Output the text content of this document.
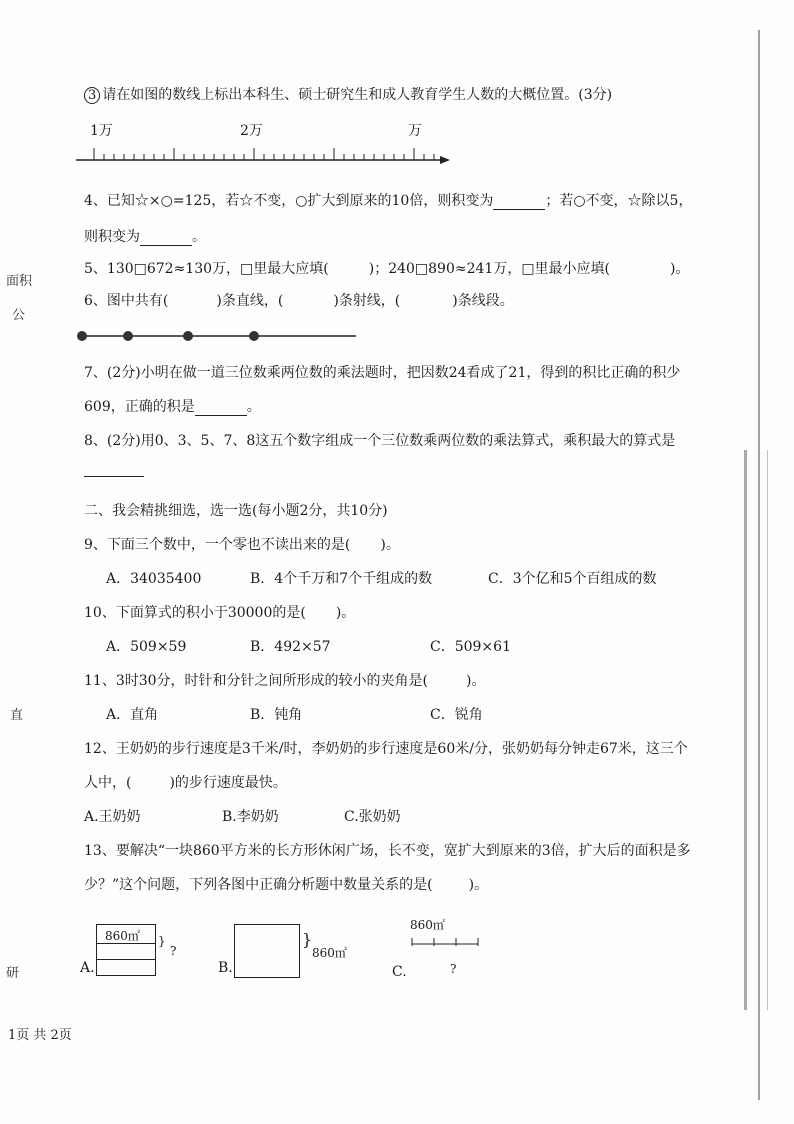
面积
公
直
研
3 请在如图的数线上标出本科生、硕士研究生和成人教育学生人数的大概位置。(3分)
1万	2万	万
4、已知☆×○=125，若☆不变，○扩大到原来的10倍，则积变为	；若○不变，☆除以5，
则积变为	。
5、130□672≈130万，□里最大应填(	)；240□890≈241万，□里最小应填(	)。
6、图中共有(	)条直线，(	)条射线，(	)条线段。
7、(2分)小明在做一道三位数乘两位数的乘法题时，把因数24看成了21，得到的积比正确的积少
609，正确的积是	。
8、(2分)用0、3、5、7、8这五个数字组成一个三位数乘两位数的乘法算式，乘积最大的算式是
二、我会精挑细选，选一选(每小题2分，共10分)
9、下面三个数中，一个零也不读出来的是( )。
A．34035400	B．4个千万和7个千组成的数	C．3个亿和5个百组成的数
10、下面算式的积小于30000的是( )。
A．509×59	B．492×57	C．509×61
11、3时30分，时针和分针之间所形成的较小的夹角是(	)。
A．直角	B．钝角	C．锐角
12、王奶奶的步行速度是3千米/时，李奶奶的步行速度是60米/分，张奶奶每分钟走67米，这三个
人中，(	)的步行速度最快。
A.王奶奶	B.李奶奶	C.张奶奶
13、要解决“一块860平方米的长方形休闲广场，长不变，宽扩大到原来的3倍，扩大后的面积是多
少？”这个问题，下列各图中正确分析题中数量关系的是(	)。
A.
860㎡ }
?
B.
}
860㎡
C.
860㎡
?
1页 共 2页
